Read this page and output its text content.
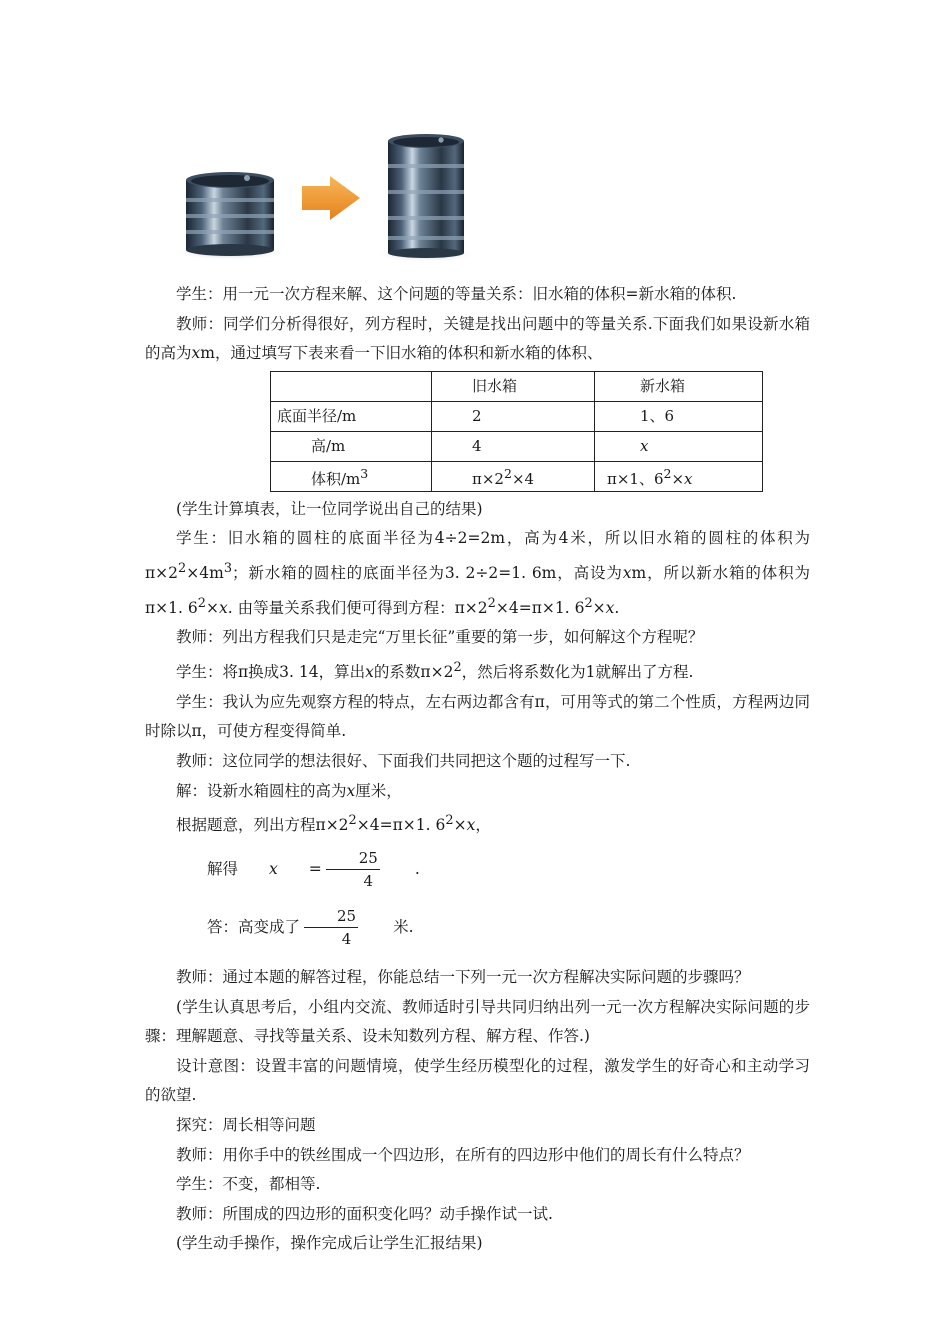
学生：用一元一次方程来解、这个问题的等量关系：旧水箱的体积=新水箱的体积.

教师：同学们分析得很好，列方程时，关键是找出问题中的等量关系.下面我们如果设新水箱的高为xm，通过填写下表来看一下旧水箱的体积和新水箱的体积、

	旧水箱	新水箱
底面半径/m	2	1、6
高/m	4	x
体积$/m^3$	$\pi\times 2^2\times 4$	π×1、$6^2\times x$

(学生计算填表，让一位同学说出自己的结果)

学生：旧水箱的圆柱的底面半径为4÷2=2m，高为4米，所以旧水箱的圆柱的体积为$\pi\times 2^2\times 4m^3$；新水箱的圆柱的底面半径为3. 2÷2=1. 6m，高设为xm，所以新水箱的体积为π×1. $6^2\times x$. 由等量关系我们便可得到方程：$\pi\times 2^2\times 4=\pi\times 1$. $6^2\times x$.

教师：列出方程我们只是走完“万里长征”重要的第一步，如何解这个方程呢？

学生：将π换成3. 14，算出x的系数$\pi\times 2^2$，然后将系数化为1就解出了方程.

学生：我认为应先观察方程的特点，左右两边都含有π，可用等式的第二个性质，方程两边同时除以π，可使方程变得简单.

教师：这位同学的想法很好、下面我们共同把这个题的过程写一下.

解：设新水箱圆柱的高为x厘米，

根据题意，列出方程$\pi\times 2^2\times 4=\pi\times 1$. $6^2\times x$，

解得	x	= $\frac{25}{4}$	.
答：高变成了 $\frac{25}{4}$	米.

教师：通过本题的解答过程，你能总结一下列一元一次方程解决实际问题的步骤吗？

(学生认真思考后，小组内交流、教师适时引导共同归纳出列一元一次方程解决实际问题的步骤：理解题意、寻找等量关系、设未知数列方程、解方程、作答.)

设计意图：设置丰富的问题情境，使学生经历模型化的过程，激发学生的好奇心和主动学习的欲望.

探究：周长相等问题

教师：用你手中的铁丝围成一个四边形，在所有的四边形中他们的周长有什么特点？

学生：不变，都相等.

教师：所围成的四边形的面积变化吗？动手操作试一试.

(学生动手操作，操作完成后让学生汇报结果)
